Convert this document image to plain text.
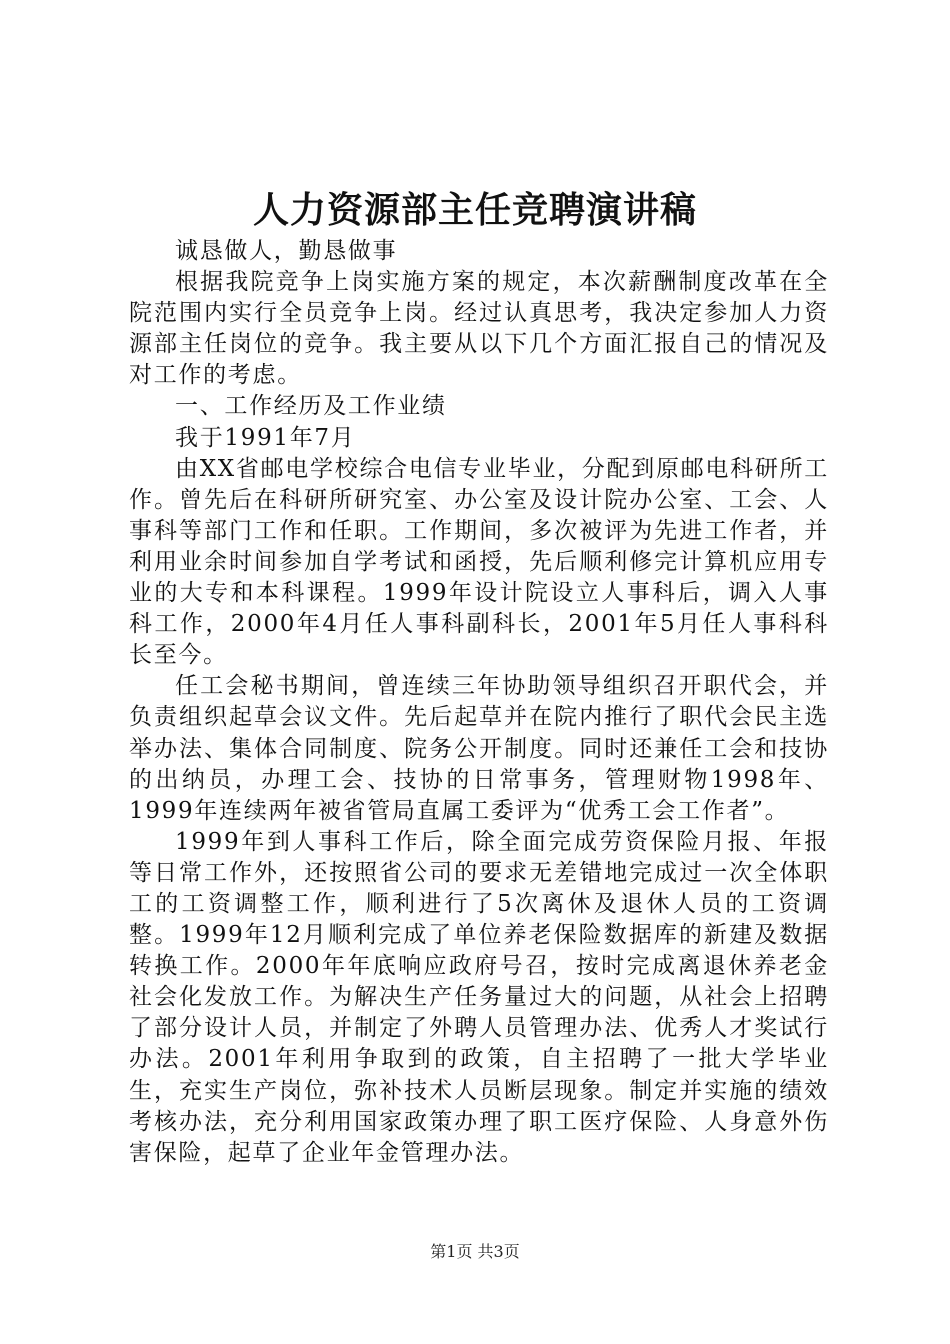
人力资源部主任竞聘演讲稿

诚恳做人，勤恳做事

根据我院竞争上岗实施方案的规定，本次薪酬制度改革在全院范围内实行全员竞争上岗。经过认真思考，我决定参加人力资源部主任岗位的竞争。我主要从以下几个方面汇报自己的情况及对工作的考虑。

一、工作经历及工作业绩

我于1991年7月

由XX省邮电学校综合电信专业毕业，分配到原邮电科研所工作。曾先后在科研所研究室、办公室及设计院办公室、工会、人事科等部门工作和任职。工作期间，多次被评为先进工作者，并利用业余时间参加自学考试和函授，先后顺利修完计算机应用专业的大专和本科课程。1999年设计院设立人事科后，调入人事科工作，2000年4月任人事科副科长，2001年5月任人事科科长至今。

任工会秘书期间，曾连续三年协助领导组织召开职代会，并负责组织起草会议文件。先后起草并在院内推行了职代会民主选举办法、集体合同制度、院务公开制度。同时还兼任工会和技协的出纳员，办理工会、技协的日常事务，管理财物1998年、1999年连续两年被省管局直属工委评为“优秀工会工作者”。

1999年到人事科工作后，除全面完成劳资保险月报、年报等日常工作外，还按照省公司的要求无差错地完成过一次全体职工的工资调整工作，顺利进行了5次离休及退休人员的工资调整。1999年12月顺利完成了单位养老保险数据库的新建及数据转换工作。2000年年底响应政府号召，按时完成离退休养老金社会化发放工作。为解决生产任务量过大的问题，从社会上招聘了部分设计人员，并制定了外聘人员管理办法、优秀人才奖试行办法。2001年利用争取到的政策，自主招聘了一批大学毕业生，充实生产岗位，弥补技术人员断层现象。制定并实施的绩效考核办法，充分利用国家政策办理了职工医疗保险、人身意外伤害保险，起草了企业年金管理办法。

第1页 共3页
